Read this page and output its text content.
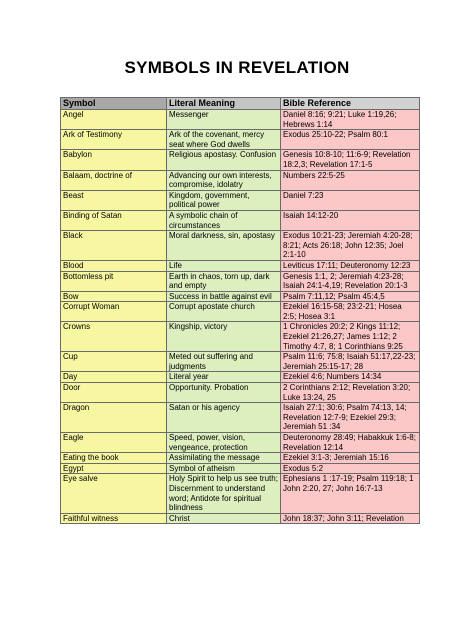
SYMBOLS IN REVELATION
Symbol	Literal Meaning	Bible Reference
Angel	Messenger	Daniel 8:16; 9:21; Luke 1:19,26; Hebrews 1:14
Ark of Testimony	Ark of the covenant, mercy seat where God dwells	Exodus 25:10-22; Psalm 80:1
Babylon	Religious apostasy. Confusion	Genesis 10:8-10; 11:6-9; Revelation 18:2,3; Revelation 17:1-5
Balaam, doctrine of	Advancing our own interests, compromise, idolatry	Numbers 22:5-25
Beast	Kingdom, government, political power	Daniel 7:23
Binding of Satan	A symbolic chain of circumstances	Isaiah 14:12-20
Black	Moral darkness, sin, apostasy	Exodus 10:21-23; Jeremiah 4:20-28; 8:21; Acts 26:18; John 12:35; Joel 2:1-10
Blood	Life	Leviticus 17:11; Deuteronomy 12:23
Bottomless pit	Earth in chaos, torn up, dark and empty	Genesis 1:1, 2; Jeremiah 4:23-28; Isaiah 24:1-4,19; Revelation 20:1-3
Bow	Success in battle against evil	Psalm 7:11,12; Psalm 45:4,5
Corrupt Woman	Corrupt apostate church	Ezekiel 16:15-58; 23:2-21; Hosea 2:5; Hosea 3:1
Crowns	Kingship, victory	1 Chronicles 20:2; 2 Kings 11:12; Ezekiel 21:26,27; James 1:12; 2 Timothy 4:7, 8; 1 Corinthians 9:25
Cup	Meted out suffering and judgments	Psalm 11:6; 75:8; Isaiah 51:17,22-23; Jeremiah 25:15-17; 28
Day	Literal year	Ezekiel 4:6; Numbers 14:34
Door	Opportunity. Probation	2 Corinthians 2:12; Revelation 3:20; Luke 13:24, 25
Dragon	Satan or his agency	Isaiah 27:1; 30:6; Psalm 74:13, 14; Revelation 12:7-9; Ezekiel 29:3; Jeremiah 51 :34
Eagle	Speed, power, vision, vengeance, protection	Deuteronomy 28:49; Habakkuk 1:6-8; Revelation 12:14
Eating the book	Assimilating the message	Ezekiel 3:1-3; Jeremiah 15:16
Egypt	Symbol of atheism	Exodus 5:2
Eye salve	Holy Spirit to help us see truth; Discernment to understand word; Antidote for spiritual blindness	Ephesians 1 :17-19; Psalm 119:18; 1 John 2:20, 27; John 16:7-13
Faithful witness	Christ	John 18:37; John 3:11; Revelation
